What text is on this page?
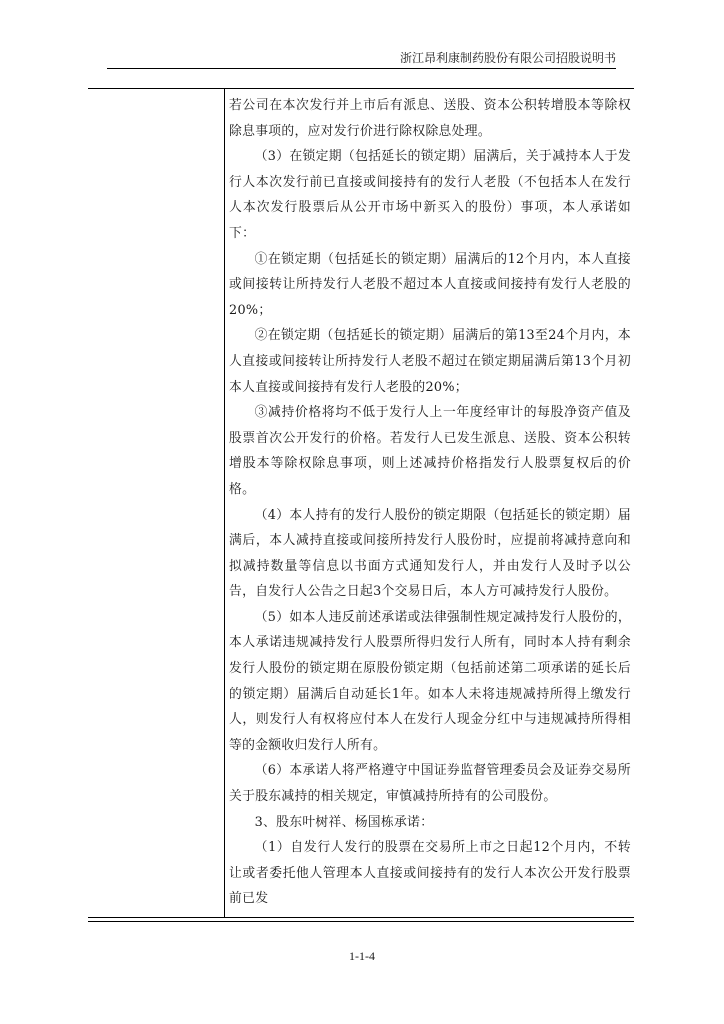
浙江昂利康制药股份有限公司招股说明书

若公司在本次发行并上市后有派息、送股、资本公积转增股本等除权除息事项的，应对发行价进行除权除息处理。

（3）在锁定期（包括延长的锁定期）届满后，关于减持本人于发行人本次发行前已直接或间接持有的发行人老股（不包括本人在发行人本次发行股票后从公开市场中新买入的股份）事项，本人承诺如下：

①在锁定期（包括延长的锁定期）届满后的12个月内，本人直接或间接转让所持发行人老股不超过本人直接或间接持有发行人老股的20%；

②在锁定期（包括延长的锁定期）届满后的第13至24个月内，本人直接或间接转让所持发行人老股不超过在锁定期届满后第13个月初本人直接或间接持有发行人老股的20%；

③减持价格将均不低于发行人上一年度经审计的每股净资产值及股票首次公开发行的价格。若发行人已发生派息、送股、资本公积转增股本等除权除息事项，则上述减持价格指发行人股票复权后的价格。

（4）本人持有的发行人股份的锁定期限（包括延长的锁定期）届满后，本人减持直接或间接所持发行人股份时，应提前将减持意向和拟减持数量等信息以书面方式通知发行人，并由发行人及时予以公告，自发行人公告之日起3个交易日后，本人方可减持发行人股份。

（5）如本人违反前述承诺或法律强制性规定减持发行人股份的，本人承诺违规减持发行人股票所得归发行人所有，同时本人持有剩余发行人股份的锁定期在原股份锁定期（包括前述第二项承诺的延长后的锁定期）届满后自动延长1年。如本人未将违规减持所得上缴发行人，则发行人有权将应付本人在发行人现金分红中与违规减持所得相等的金额收归发行人所有。

（6）本承诺人将严格遵守中国证券监督管理委员会及证券交易所关于股东减持的相关规定，审慎减持所持有的公司股份。

3、股东叶树祥、杨国栋承诺：

（1）自发行人发行的股票在交易所上市之日起12个月内，不转让或者委托他人管理本人直接或间接持有的发行人本次公开发行股票前已发

1-1-4
